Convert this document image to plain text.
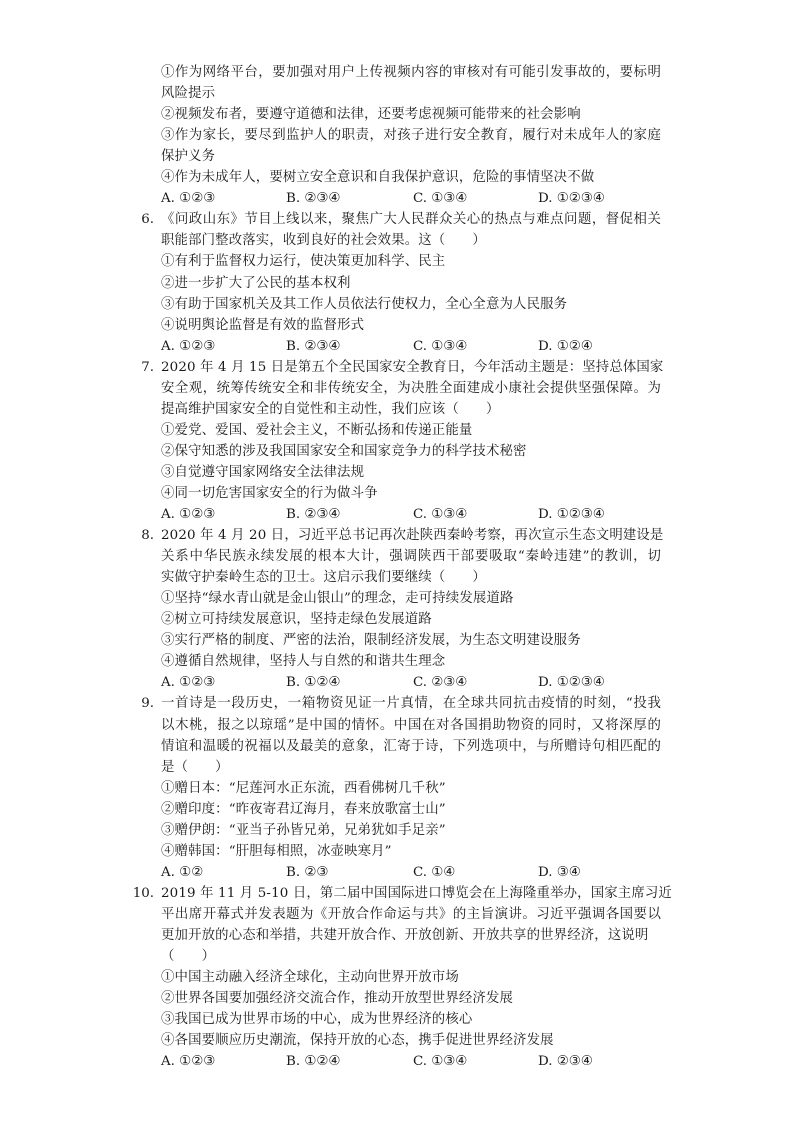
①作为网络平台，要加强对用户上传视频内容的审核对有可能引发事故的，要标明
风险提示
②视频发布者，要遵守道德和法律，还要考虑视频可能带来的社会影响
③作为家长，要尽到监护人的职责，对孩子进行安全教育，履行对未成年人的家庭
保护义务
④作为未成年人，要树立安全意识和自我保护意识，危险的事情坚决不做
A. ①②③	B. ②③④	C. ①③④	D. ①②③④
6. 《问政山东》节目上线以来，聚焦广大人民群众关心的热点与难点问题，督促相关
职能部门整改落实，收到良好的社会效果。这（　　）
①有利于监督权力运行，使决策更加科学、民主
②进一步扩大了公民的基本权利
③有助于国家机关及其工作人员依法行使权力，全心全意为人民服务
④说明舆论监督是有效的监督形式
A. ①②③	B. ②③④	C. ①③④	D. ①②④
7. 2020 年 4 月 15 日是第五个全民国家安全教育日，今年活动主题是：坚持总体国家
安全观，统筹传统安全和非传统安全，为决胜全面建成小康社会提供坚强保障。为
提高维护国家安全的自觉性和主动性，我们应该（　　）
①爱党、爱国、爱社会主义，不断弘扬和传递正能量
②保守知悉的涉及我国国家安全和国家竞争力的科学技术秘密
③自觉遵守国家网络安全法律法规
④同一切危害国家安全的行为做斗争
A. ①②③	B. ②③④	C. ①③④	D. ①②③④
8. 2020 年 4 月 20 日，习近平总书记再次赴陕西秦岭考察，再次宣示生态文明建设是
关系中华民族永续发展的根本大计，强调陕西干部要吸取“秦岭违建”的教训，切
实做守护秦岭生态的卫士。这启示我们要继续（　　）
①坚持“绿水青山就是金山银山”的理念，走可持续发展道路
②树立可持续发展意识，坚持走绿色发展道路
③实行严格的制度、严密的法治，限制经济发展，为生态文明建设服务
④遵循自然规律，坚持人与自然的和谐共生理念
A. ①②③	B. ①②④	C. ②③④	D. ①②③④
9. 一首诗是一段历史，一箱物资见证一片真情，在全球共同抗击疫情的时刻，“投我
以木桃，报之以琼瑶”是中国的情怀。中国在对各国捐助物资的同时，又将深厚的
情谊和温暖的祝福以及最美的意象，汇寄于诗，下列选项中，与所赠诗句相匹配的
是（　　）
①赠日本：“尼莲河水正东流，西看佛树几千秋”
②赠印度：“昨夜寄君辽海月，春来放歌富士山”
③赠伊朗：“亚当子孙皆兄弟，兄弟犹如手足亲”
④赠韩国：“肝胆每相照，冰壶映寒月”
A. ①②	B. ②③	C. ①④	D. ③④
10. 2019 年 11 月 5-10 日，第二届中国国际进口博览会在上海隆重举办，国家主席习近
平出席开幕式并发表题为《开放合作命运与共》的主旨演讲。习近平强调各国要以
更加开放的心态和举措，共建开放合作、开放创新、开放共享的世界经济，这说明
（　　）
①中国主动融入经济全球化，主动向世界开放市场
②世界各国要加强经济交流合作，推动开放型世界经济发展
③我国已成为世界市场的中心，成为世界经济的核心
④各国要顺应历史潮流，保持开放的心态，携手促进世界经济发展
A. ①②③	B. ①②④	C. ①③④	D. ②③④
